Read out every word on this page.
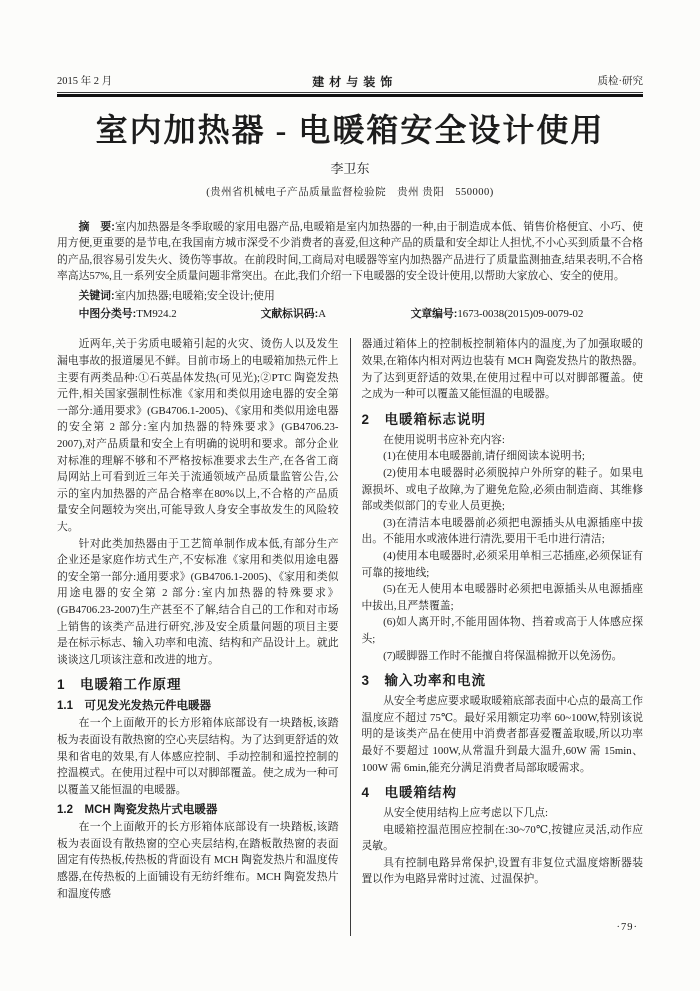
2015 年 2 月	建材与装饰	质检·研究
室内加热器 - 电暖箱安全设计使用
李卫东
(贵州省机械电子产品质量监督检验院　贵州 贵阳　550000)

摘　要:室内加热器是冬季取暖的家用电器产品,电暖箱是室内加热器的一种,由于制造成本低、销售价格便宜、小巧、使用方便,更重要的是节电,在我国南方城市深受不少消费者的喜爱,但这种产品的质量和安全却让人担忧,不小心买到质量不合格的产品,很容易引发失火、烫伤等事故。在前段时间,工商局对电暖器等室内加热器产品进行了质量监测抽查,结果表明,不合格率高达57%,且一系列安全质量问题非常突出。在此,我们介绍一下电暖器的安全设计使用,以帮助大家放心、安全的使用。

关键词:室内加热器;电暖箱;安全设计;使用

中图分类号:TM924.2	文献标识码:A	文章编号:1673-0038(2015)09-0079-02

近两年,关于劣质电暖箱引起的火灾、烫伤人以及发生漏电事故的报道屡见不鲜。目前市场上的电暖箱加热元件上主要有两类品种:①石英晶体发热(可见光);②PTC 陶瓷发热元件,相关国家强制性标准《家用和类似用途电器的安全第一部分:通用要求》(GB4706.1-2005)、《家用和类似用途电器的安全第 2 部分:室内加热器的特殊要求》(GB4706.23-2007),对产品质量和安全上有明确的说明和要求。部分企业对标准的理解不够和不严格按标准要求去生产,在各省工商局网站上可看到近三年关于流通领域产品质量监管公告,公示的室内加热器的产品合格率在80%以上,不合格的产品质量安全问题较为突出,可能导致人身安全事故发生的风险较大。

针对此类加热器由于工艺简单制作成本低,有部分生产企业还是家庭作坊式生产,不安标准《家用和类似用途电器的安全第一部分:通用要求》(GB4706.1-2005)、《家用和类似用途电器的安全第 2 部分:室内加热器的特殊要求》(GB4706.23-2007)生产甚至不了解,结合自己的工作和对市场上销售的该类产品进行研究,涉及安全质量问题的项目主要是在标示标志、输入功率和电流、结构和产品设计上。就此谈谈这几项该注意和改进的地方。

1　电暖箱工作原理
1.1　可见发光发热元件电暖器

在一个上面敞开的长方形箱体底部设有一块踏板,该踏板为表面设有散热窗的空心夹层结构。为了达到更舒适的效果和省电的效果,有人体感应控制、手动控制和遥控控制的控温模式。在使用过程中可以对脚部覆盖。使之成为一种可以覆盖又能恒温的电暖器。

1.2　MCH 陶瓷发热片式电暖器

在一个上面敞开的长方形箱体底部设有一块踏板,该踏板为表面设有散热窗的空心夹层结构,在踏板散热窗的表面固定有传热板,传热板的背面设有 MCH 陶瓷发热片和温度传感器,在传热板的上面铺设有无纺纤维布。MCH 陶瓷发热片和温度传感

器通过箱体上的控制板控制箱体内的温度,为了加强取暖的效果,在箱体内相对两边也装有 MCH 陶瓷发热片的散热器。为了达到更舒适的效果,在使用过程中可以对脚部覆盖。使之成为一种可以覆盖又能恒温的电暖器。

2　电暖箱标志说明

在使用说明书应补充内容:

(1)在使用本电暖器前,请仔细阅读本说明书;

(2)使用本电暖器时必须脱掉户外所穿的鞋子。如果电源损坏、或电子故障,为了避免危险,必须由制造商、其维修部或类似部门的专业人员更换;

(3)在清洁本电暖器前必须把电源插头从电源插座中拔出。不能用水或液体进行清洗,要用干毛巾进行清洁;

(4)使用本电暖器时,必须采用单相三芯插座,必须保证有可靠的接地线;

(5)在无人使用本电暖器时必须把电源插头从电源插座中拔出,且严禁覆盖;

(6)如人离开时,不能用固体物、挡着或高于人体感应探头;

(7)暖脚器工作时不能擅自将保温棉掀开以免汤伤。

3　输入功率和电流

从安全考虑应要求暖取暖箱底部表面中心点的最高工作温度应不超过 75℃。最好采用额定功率 60~100W,特别该说明的是该类产品在使用中消费者都喜爱覆盖取暖,所以功率最好不要超过 100W,从常温升到最大温升,60W 需 15min、100W 需 6min,能充分满足消费者局部取暖需求。

4　电暖箱结构

从安全使用结构上应考虑以下几点:

电暖箱控温范围应控制在:30~70℃,按键应灵活,动作应灵敏。

具有控制电路异常保护,设置有非复位式温度熔断器装置以作为电路异常时过流、过温保护。

·79·
